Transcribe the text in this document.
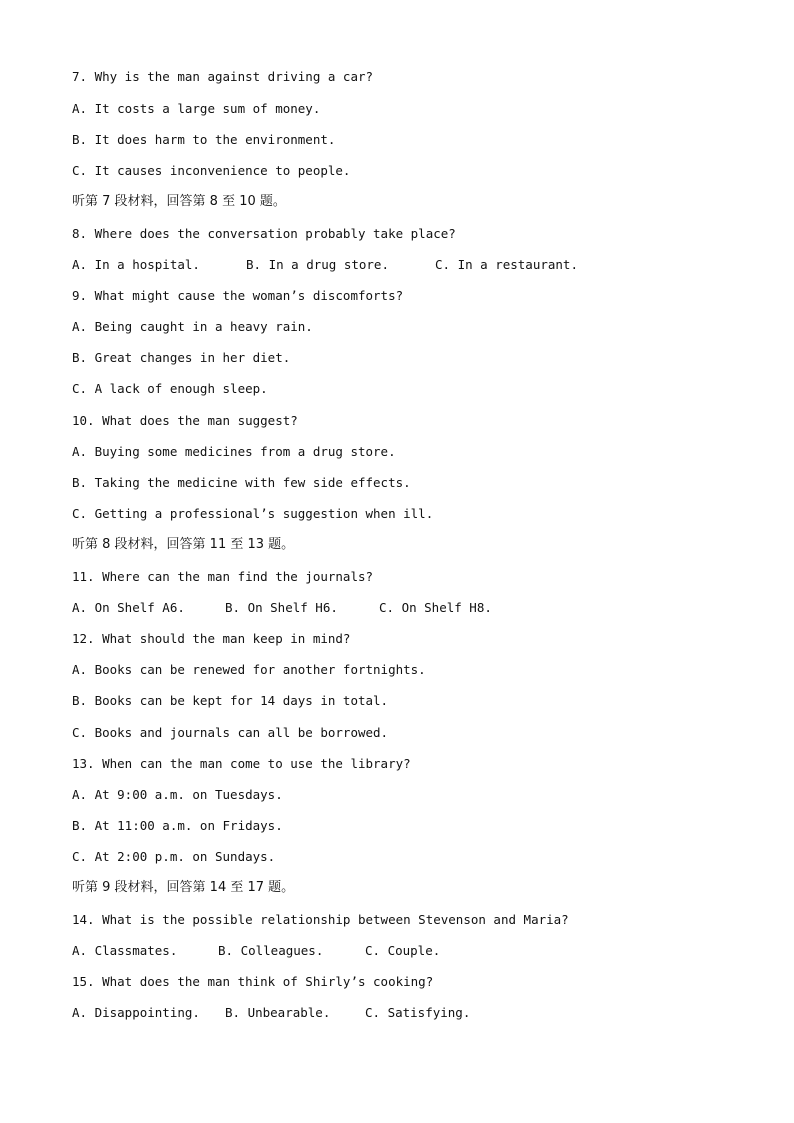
7. Why is the man against driving a car?

A. It costs a large sum of money.

B. It does harm to the environment.

C. It causes inconvenience to people.

听第 7 段材料，回答第 8 至 10 题。

8. Where does the conversation probably take place?

A. In a hospital.	B. In a drug store.	C. In a restaurant.

9. What might cause the woman’s discomforts?

A. Being caught in a heavy rain.

B. Great changes in her diet.

C. A lack of enough sleep.

10. What does the man suggest?

A. Buying some medicines from a drug store.

B. Taking the medicine with few side effects.

C. Getting a professional’s suggestion when ill.

听第 8 段材料，回答第 11 至 13 题。

11. Where can the man find the journals?

A. On Shelf A6.	B. On Shelf H6.	C. On Shelf H8.

12. What should the man keep in mind?

A. Books can be renewed for another fortnights.

B. Books can be kept for 14 days in total.

C. Books and journals can all be borrowed.

13. When can the man come to use the library?

A. At 9:00 a.m. on Tuesdays.

B. At 11:00 a.m. on Fridays.

C. At 2:00 p.m. on Sundays.

听第 9 段材料，回答第 14 至 17 题。

14. What is the possible relationship between Stevenson and Maria?

A. Classmates.	B. Colleagues.	C. Couple.

15. What does the man think of Shirly’s cooking?

A. Disappointing. B. Unbearable.	C. Satisfying.
